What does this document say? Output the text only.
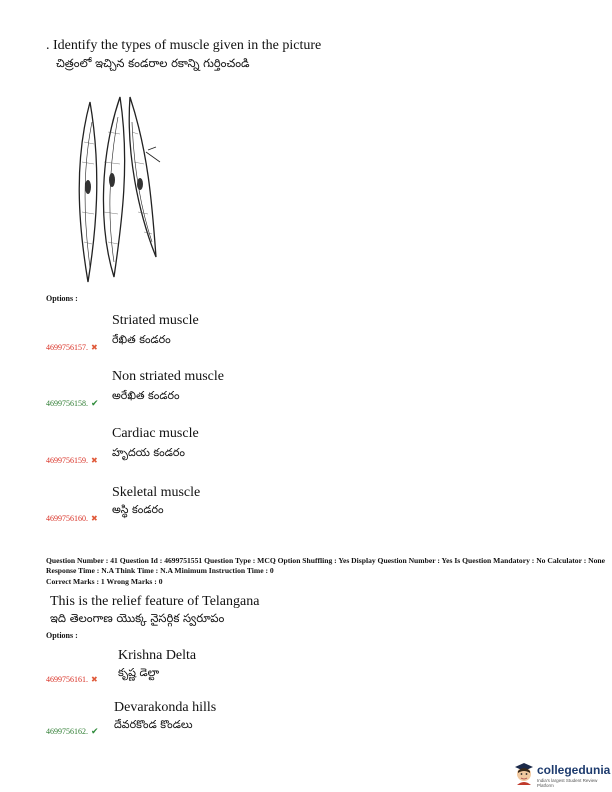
. Identify the types of muscle given in the picture
చిత్రంలో ఇచ్చిన కండరాల రకాన్ని గుర్తించండి
Options :
Striated muscle
రేఖిత కండరం
4699756157. ✖
Non striated muscle
అరేఖిత కండరం
4699756158. ✔
Cardiac muscle
హృదయ కండరం
4699756159. ✖
Skeletal muscle
అస్థి కండరం
4699756160. ✖
Question Number : 41 Question Id : 4699751551 Question Type : MCQ Option Shuffling : Yes Display Question Number : Yes Is Question Mandatory : No Calculator : None Response Time : N.A Think Time : N.A Minimum Instruction Time : 0
Correct Marks : 1 Wrong Marks : 0
This is the relief feature of Telangana
ఇది తెలంగాణ యొక్క నైసర్గిక స్వరూపం
Options :
Krishna Delta
కృష్ణ డెల్టా
4699756161. ✖
Devarakonda hills
దేవరకొండ కొండలు
4699756162. ✔
collegedunia
India's largest Student Review Platform
